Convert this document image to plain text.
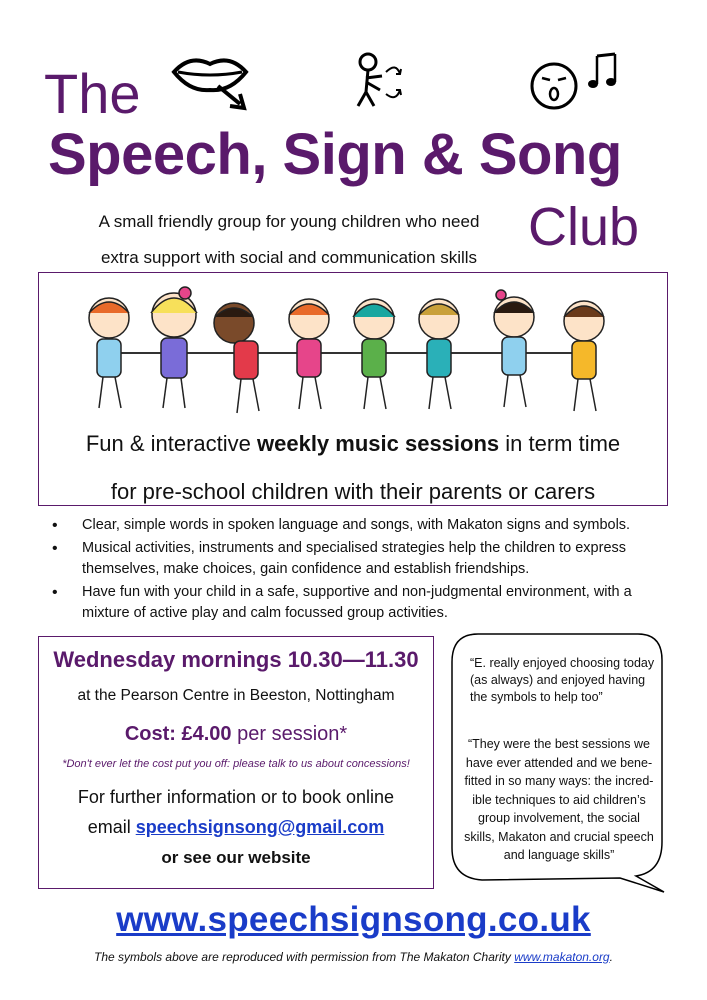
The
Speech, Sign & Song
Club
A small friendly group for young children who need
extra support with social and communication skills
Fun & interactive weekly music sessions in term time
for pre-school children with their parents or carers
• Clear, simple words in spoken language and songs, with Makaton signs and symbols.
• Musical activities, instruments and specialised strategies help the children to express themselves, make choices, gain confidence and establish friendships.
• Have fun with your child in a safe, supportive and non-judgmental environment, with a mixture of active play and calm focussed group activities.
Wednesday mornings 10.30—11.30
at the Pearson Centre in Beeston, Nottingham
Cost: £4.00 per session*
*Don't ever let the cost put you off: please talk to us about concessions!
For further information or to book online
email speechsignsong@gmail.com
or see our website
“E. really enjoyed choosing today (as always) and enjoyed having the symbols to help too”
“They were the best sessions we have ever attended and we bene-fitted in so many ways: the incred-ible techniques to aid children’s group involvement, the social skills, Makaton and crucial speech and language skills”
www.speechsignsong.co.uk
The symbols above are reproduced with permission from The Makaton Charity www.makaton.org.
